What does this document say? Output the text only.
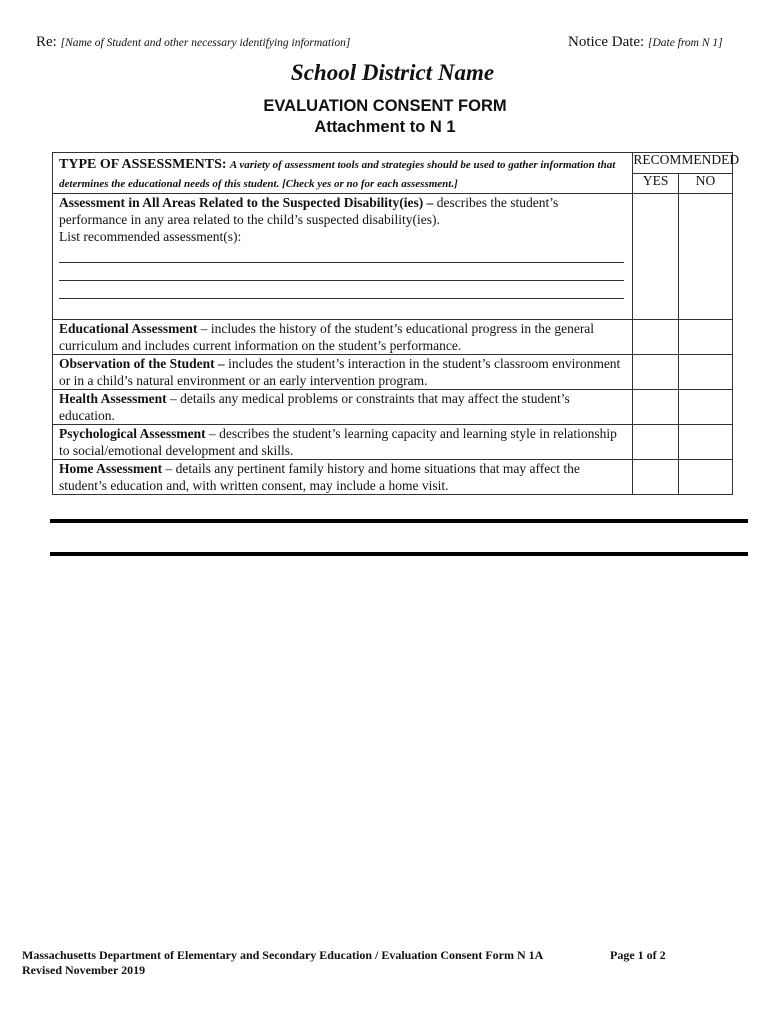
Re: [Name of Student and other necessary identifying information]	Notice Date: [Date from N 1]
School District Name
EVALUATION CONSENT FORM
Attachment to N 1
TYPE OF ASSESSMENTS: A variety of assessment tools and strategies should be used to gather information that determines the educational needs of this student. [Check yes or no for each assessment.]	RECOMMENDED	
	YES	NO
Assessment in All Areas Related to the Suspected Disability(ies) – describes the student’s performance in any area related to the child’s suspected disability(ies).
List recommended assessment(s):		

Educational Assessment – includes the history of the student’s educational progress in the general curriculum and includes current information on the student’s performance.		
Observation of the Student – includes the student’s interaction in the student’s classroom environment or in a child’s natural environment or an early intervention program.		
Health Assessment – details any medical problems or constraints that may affect the student’s education.		
Psychological Assessment – describes the student’s learning capacity and learning style in relationship to social/emotional development and skills.		
Home Assessment – details any pertinent family history and home situations that may affect the student’s education and, with written consent, may include a home visit.		
Massachusetts Department of Elementary and Secondary Education / Evaluation Consent Form N 1A
Revised November 2019
Page 1 of 2
